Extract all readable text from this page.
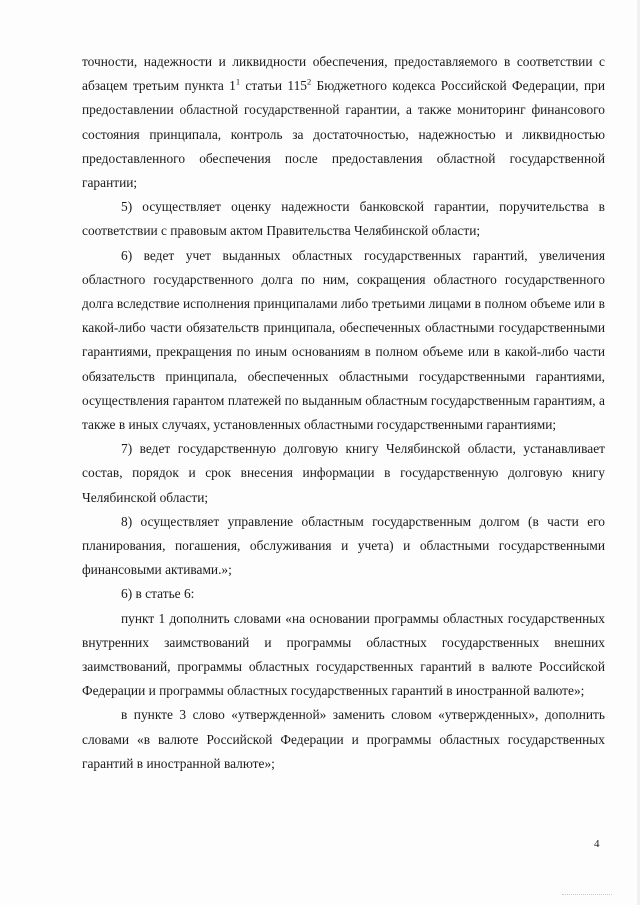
точности, надежности и ликвидности обеспечения, предоставляемого в соответствии с абзацем третьим пункта $1^1$ статьи $115^2$ Бюджетного кодекса Российской Федерации, при предоставлении областной государственной гарантии, а также мониторинг финансового состояния принципала, контроль за достаточностью, надежностью и ликвидностью предоставленного обеспечения после предоставления областной государственной гарантии;

5) осуществляет оценку надежности банковской гарантии, поручительства в соответствии с правовым актом Правительства Челябинской области;

6) ведет учет выданных областных государственных гарантий, увеличения областного государственного долга по ним, сокращения областного государственного долга вследствие исполнения принципалами либо третьими лицами в полном объеме или в какой-либо части обязательств принципала, обеспеченных областными государственными гарантиями, прекращения по иным основаниям в полном объеме или в какой-либо части обязательств принципала, обеспеченных областными государственными гарантиями, осуществления гарантом платежей по выданным областным государственным гарантиям, а также в иных случаях, установленных областными государственными гарантиями;

7) ведет государственную долговую книгу Челябинской области, устанавливает состав, порядок и срок внесения информации в государственную долговую книгу Челябинской области;

8) осуществляет управление областным государственным долгом (в части его планирования, погашения, обслуживания и учета) и областными государственными финансовыми активами.»;

6) в статье 6:

пункт 1 дополнить словами «на основании программы областных государственных внутренних заимствований и программы областных государственных внешних заимствований, программы областных государственных гарантий в валюте Российской Федерации и программы областных государственных гарантий в иностранной валюте»;

в пункте 3 слово «утвержденной» заменить словом «утвержденных», дополнить словами «в валюте Российской Федерации и программы областных государственных гарантий в иностранной валюте»;

4
